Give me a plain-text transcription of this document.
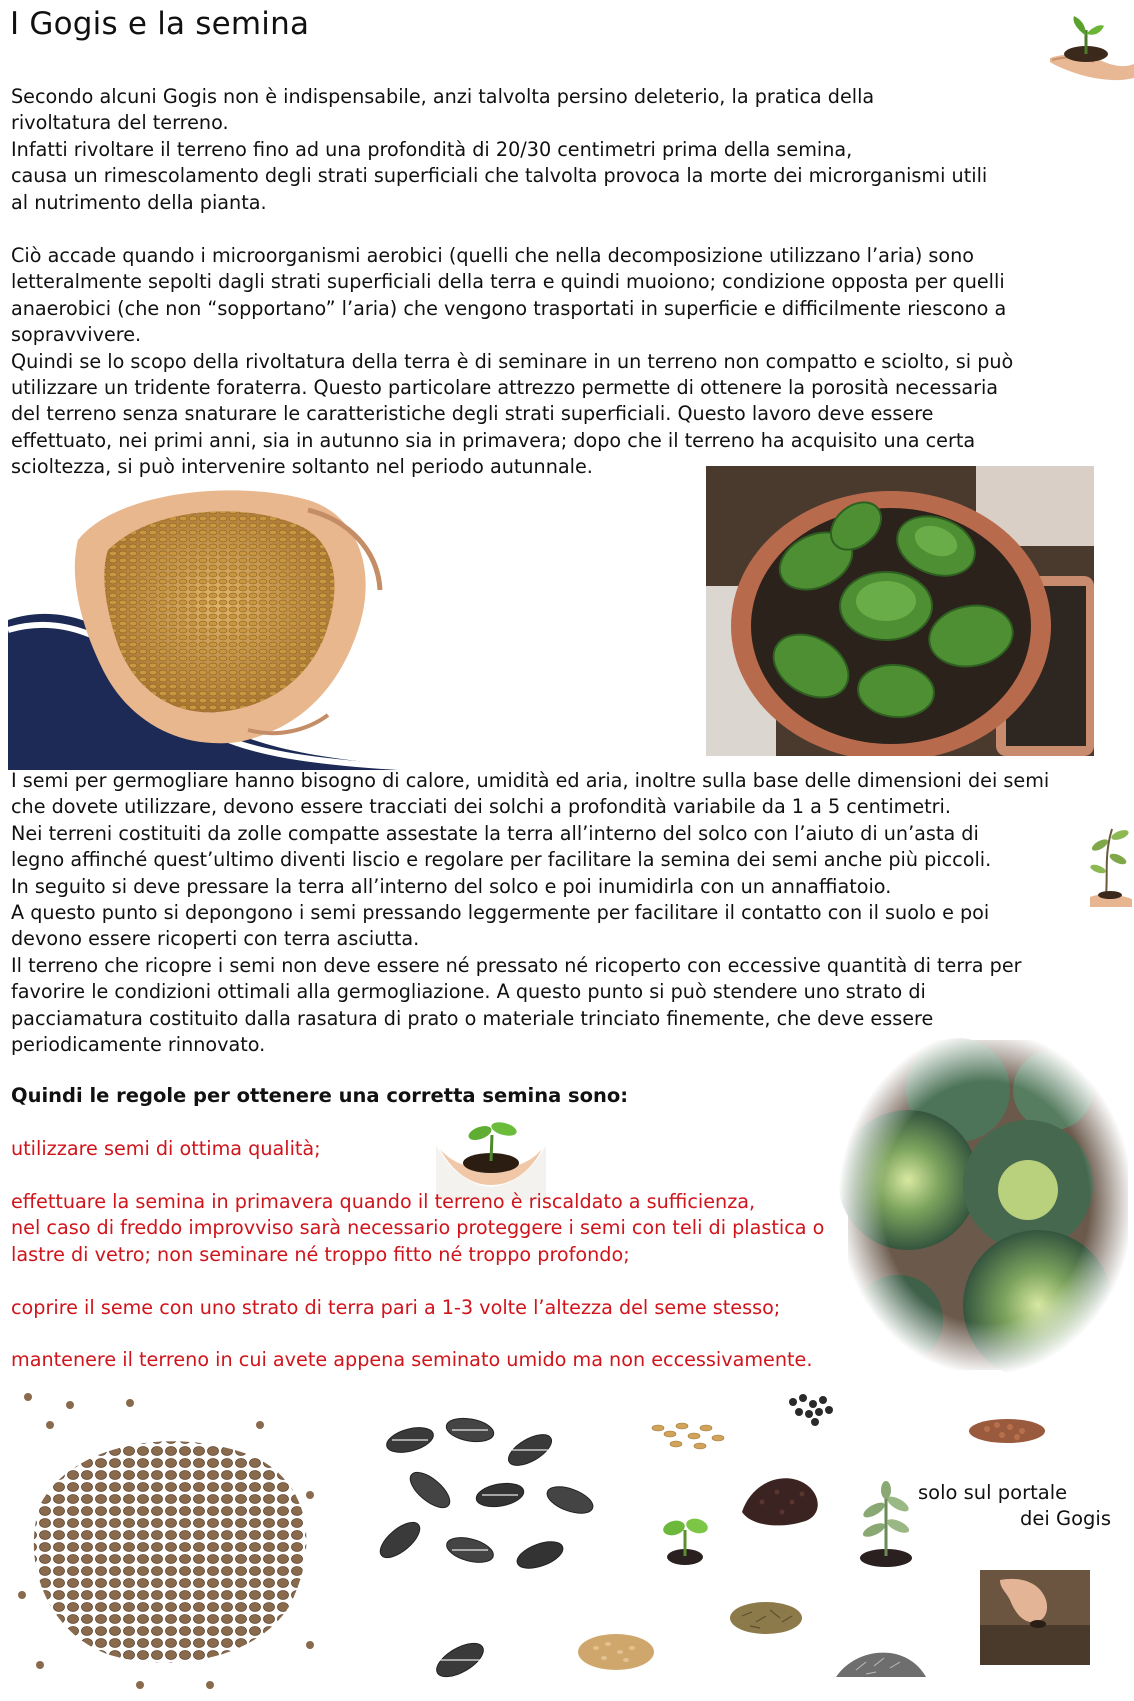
I Gogis e la semina

Secondo alcuni Gogis non è indispensabile, anzi talvolta persino deleterio, la pratica della
rivoltatura del terreno.
Infatti rivoltare il terreno fino ad una profondità di 20/30 centimetri prima della semina,
causa un rimescolamento degli strati superficiali che talvolta provoca la morte dei microrganismi utili
al nutrimento della pianta.

Ciò accade quando i microorganismi aerobici (quelli che nella decomposizione utilizzano l’aria) sono
letteralmente sepolti dagli strati superficiali della terra e quindi muoiono; condizione opposta per quelli
anaerobici (che non “sopportano” l’aria) che vengono trasportati in superficie e difficilmente riescono a
sopravvivere.
Quindi se lo scopo della rivoltatura della terra è di seminare in un terreno non compatto e sciolto, si può
utilizzare un tridente foraterra. Questo particolare attrezzo permette di ottenere la porosità necessaria
del terreno senza snaturare le caratteristiche degli strati superficiali. Questo lavoro deve essere
effettuato, nei primi anni, sia in autunno sia in primavera; dopo che il terreno ha acquisito una certa
scioltezza, si può intervenire soltanto nel periodo autunnale.

I semi per germogliare hanno bisogno di calore, umidità ed aria, inoltre sulla base delle dimensioni dei semi
che dovete utilizzare, devono essere tracciati dei solchi a profondità variabile da 1 a 5 centimetri.
Nei terreni costituiti da zolle compatte assestate la terra all’interno del solco con l’aiuto di un’asta di
legno affinché quest’ultimo diventi liscio e regolare per facilitare la semina dei semi anche più piccoli.
In seguito si deve pressare la terra all’interno del solco e poi inumidirla con un annaffiatoio.
A questo punto si depongono i semi pressando leggermente per facilitare il contatto con il suolo e poi
devono essere ricoperti con terra asciutta.
Il terreno che ricopre i semi non deve essere né pressato né ricoperto con eccessive quantità di terra per
favorire le condizioni ottimali alla germogliazione. A questo punto si può stendere uno strato di
pacciamatura costituito dalla rasatura di prato o materiale trinciato finemente, che deve essere
periodicamente rinnovato.

Quindi le regole per ottenere una corretta semina sono:

utilizzare semi di ottima qualità;

effettuare la semina in primavera quando il terreno è riscaldato a sufficienza,
nel caso di freddo improvviso sarà necessario proteggere i semi con teli di plastica o
lastre di vetro; non seminare né troppo fitto né troppo profondo;

coprire il seme con uno strato di terra pari a 1-3 volte l’altezza del seme stesso;

mantenere il terreno in cui avete appena seminato umido ma non eccessivamente.

solo sul portale
dei Gogis
